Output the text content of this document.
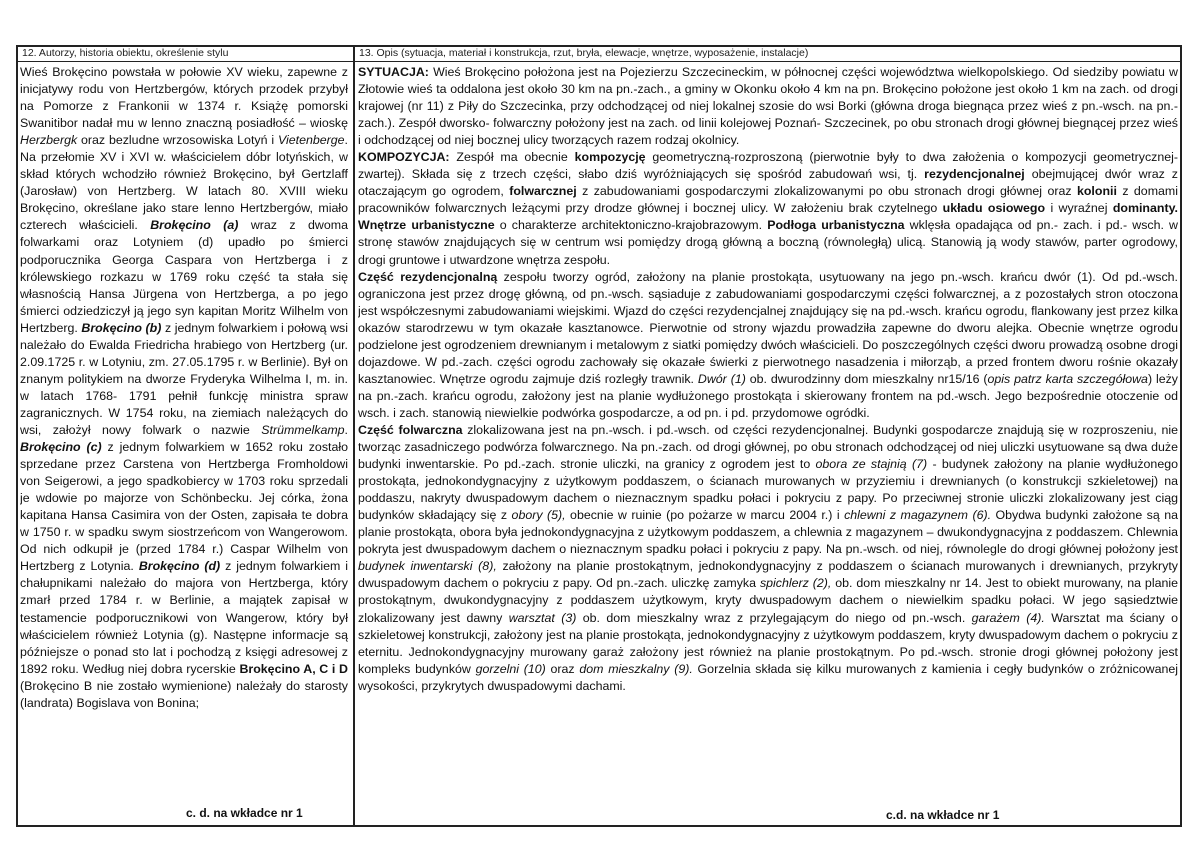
12. Autorzy, historia obiektu, określenie stylu	13. Opis (sytuacja, materiał i konstrukcja, rzut, bryła, elewacje, wnętrze, wyposażenie, instalacje)

Wieś Brokęcino powstała w połowie XV wieku, zapewne z inicjatywy rodu von Hertzbergów, których przodek przybył na Pomorze z Frankonii w 1374 r. Książę pomorski Swanitibor nadał mu w lenno znaczną posiadłość – wioskę Herzbergk oraz bezludne wrzosowiska Lotyń i Vietenberge. Na przełomie XV i XVI w. właścicielem dóbr lotyńskich, w skład których wchodziło również Brokęcino, był Gertzlaff (Jarosław) von Hertzberg. W latach 80. XVIII wieku Brokęcino, określane jako stare lenno Hertzbergów, miało czterech właścicieli. Brokęcino (a) wraz z dwoma folwarkami oraz Lotyniem (d) upadło po śmierci podporucznika Georga Caspara von Hertzberga i z królewskiego rozkazu w 1769 roku część ta stała się własnością Hansa Jürgena von Hertzberga, a po jego śmierci odziedziczył ją jego syn kapitan Moritz Wilhelm von Hertzberg. Brokęcino (b) z jednym folwarkiem i połową wsi należało do Ewalda Friedricha hrabiego von Hertzberg (ur. 2.09.1725 r. w Lotyniu, zm. 27.05.1795 r. w Berlinie). Był on znanym politykiem na dworze Fryderyka Wilhelma I, m. in. w latach 1768- 1791 pełnił funkcję ministra spraw zagranicznych. W 1754 roku, na ziemiach należących do wsi, założył nowy folwark o nazwie Strümmelkamp. Brokęcino (c) z jednym folwarkiem w 1652 roku zostało sprzedane przez Carstena von Hertzberga Fromholdowi von Seigerowi, a jego spadkobiercy w 1703 roku sprzedali je wdowie po majorze von Schönbecku. Jej córka, żona kapitana Hansa Casimira von der Osten, zapisała te dobra w 1750 r. w spadku swym siostrzeńcom von Wangerowom. Od nich odkupił je (przed 1784 r.) Caspar Wilhelm von Hertzberg z Lotynia. Brokęcino (d) z jednym folwarkiem i chałupnikami należało do majora von Hertzberga, który zmarł przed 1784 r. w Berlinie, a majątek zapisał w testamencie podporucznikowi von Wangerow, który był właścicielem również Lotynia (g). Następne informacje są późniejsze o ponad sto lat i pochodzą z księgi adresowej z 1892 roku. Według niej dobra rycerskie Brokęcino A, C i D (Brokęcino B nie zostało wymienione) należały do starosty (landrata) Bogislava von Bonina;

c. d. na wkładce nr 1

SYTUACJA: Wieś Brokęcino położona jest na Pojezierzu Szczecineckim, w północnej części województwa wielkopolskiego. Od siedziby powiatu w Złotowie wieś ta oddalona jest około 30 km na pn.-zach., a gminy w Okonku około 4 km na pn. Brokęcino położone jest około 1 km na zach. od drogi krajowej (nr 11) z Piły do Szczecinka, przy odchodzącej od niej lokalnej szosie do wsi Borki (główna droga biegnąca przez wieś z pn.-wsch. na pn.-zach.). Zespół dworsko- folwarczny położony jest na zach. od linii kolejowej Poznań- Szczecinek, po obu stronach drogi głównej biegnącej przez wieś i odchodzącej od niej bocznej ulicy tworzących razem rodzaj okolnicy.

KOMPOZYCJA: Zespół ma obecnie kompozycję geometryczną-rozproszoną (pierwotnie były to dwa założenia o kompozycji geometrycznej-zwartej). Składa się z trzech części, słabo dziś wyróżniających się spośród zabudowań wsi, tj. rezydencjonalnej obejmującej dwór wraz z otaczającym go ogrodem, folwarcznej z zabudowaniami gospodarczymi zlokalizowanymi po obu stronach drogi głównej oraz kolonii z domami pracowników folwarcznych leżącymi przy drodze głównej i bocznej ulicy. W założeniu brak czytelnego układu osiowego i wyraźnej dominanty. Wnętrze urbanistyczne o charakterze architektoniczno-krajobrazowym. Podłoga urbanistyczna wklęsła opadająca od pn.- zach. i pd.- wsch. w stronę stawów znajdujących się w centrum wsi pomiędzy drogą główną a boczną (równoległą) ulicą. Stanowią ją wody stawów, parter ogrodowy, drogi gruntowe i utwardzone wnętrza zespołu.

Część rezydencjonalną zespołu tworzy ogród, założony na planie prostokąta, usytuowany na jego pn.-wsch. krańcu dwór (1). Od pd.-wsch. ograniczona jest przez drogę główną, od pn.-wsch. sąsiaduje z zabudowaniami gospodarczymi części folwarcznej, a z pozostałych stron otoczona jest współczesnymi zabudowaniami wiejskimi. Wjazd do części rezydencjalnej znajdujący się na pd.-wsch. krańcu ogrodu, flankowany jest przez kilka okazów starodrzewu w tym okazałe kasztanowce. Pierwotnie od strony wjazdu prowadziła zapewne do dworu alejka. Obecnie wnętrze ogrodu podzielone jest ogrodzeniem drewnianym i metalowym z siatki pomiędzy dwóch właścicieli. Do poszczególnych części dworu prowadzą osobne drogi dojazdowe. W pd.-zach. części ogrodu zachowały się okazałe świerki z pierwotnego nasadzenia i miłorząb, a przed frontem dworu rośnie okazały kasztanowiec. Wnętrze ogrodu zajmuje dziś rozległy trawnik. Dwór (1) ob. dwurodzinny dom mieszkalny nr15/16 (opis patrz karta szczegółowa) leży na pn.-zach. krańcu ogrodu, założony jest na planie wydłużonego prostokąta i skierowany frontem na pd.-wsch. Jego bezpośrednie otoczenie od wsch. i zach. stanowią niewielkie podwórka gospodarcze, a od pn. i pd. przydomowe ogródki.

Część folwarczna zlokalizowana jest na pn.-wsch. i pd.-wsch. od części rezydencjonalnej. Budynki gospodarcze znajdują się w rozproszeniu, nie tworząc zasadniczego podwórza folwarcznego. Na pn.-zach. od drogi głównej, po obu stronach odchodzącej od niej uliczki usytuowane są dwa duże budynki inwentarskie. Po pd.-zach. stronie uliczki, na granicy z ogrodem jest to obora ze stajnią (7) - budynek założony na planie wydłużonego prostokąta, jednokondygnacyjny z użytkowym poddaszem, o ścianach murowanych w przyziemiu i drewnianych (o konstrukcji szkieletowej) na poddaszu, nakryty dwuspadowym dachem o nieznacznym spadku połaci i pokryciu z papy. Po przeciwnej stronie uliczki zlokalizowany jest ciąg budynków składający się z obory (5), obecnie w ruinie (po pożarze w marcu 2004 r.) i chlewni z magazynem (6). Obydwa budynki założone są na planie prostokąta, obora była jednokondygnacyjna z użytkowym poddaszem, a chlewnia z magazynem – dwukondygnacyjna z poddaszem. Chlewnia pokryta jest dwuspadowym dachem o nieznacznym spadku połaci i pokryciu z papy. Na pn.-wsch. od niej, równolegle do drogi głównej położony jest budynek inwentarski (8), założony na planie prostokątnym, jednokondygnacyjny z poddaszem o ścianach murowanych i drewnianych, przykryty dwuspadowym dachem o pokryciu z papy. Od pn.-zach. uliczkę zamyka spichlerz (2), ob. dom mieszkalny nr 14. Jest to obiekt murowany, na planie prostokątnym, dwukondygnacyjny z poddaszem użytkowym, kryty dwuspadowym dachem o niewielkim spadku połaci. W jego sąsiedztwie zlokalizowany jest dawny warsztat (3) ob. dom mieszkalny wraz z przylegającym do niego od pn.-wsch. garażem (4). Warsztat ma ściany o szkieletowej konstrukcji, założony jest na planie prostokąta, jednokondygnacyjny z użytkowym poddaszem, kryty dwuspadowym dachem o pokryciu z eternitu. Jednokondygnacyjny murowany garaż założony jest również na planie prostokątnym. Po pd.-wsch. stronie drogi głównej położony jest kompleks budynków gorzelni (10) oraz dom mieszkalny (9). Gorzelnia składa się kilku murowanych z kamienia i cegły budynków o zróżnicowanej wysokości, przykrytych dwuspadowymi dachami.

c.d. na wkładce nr 1
